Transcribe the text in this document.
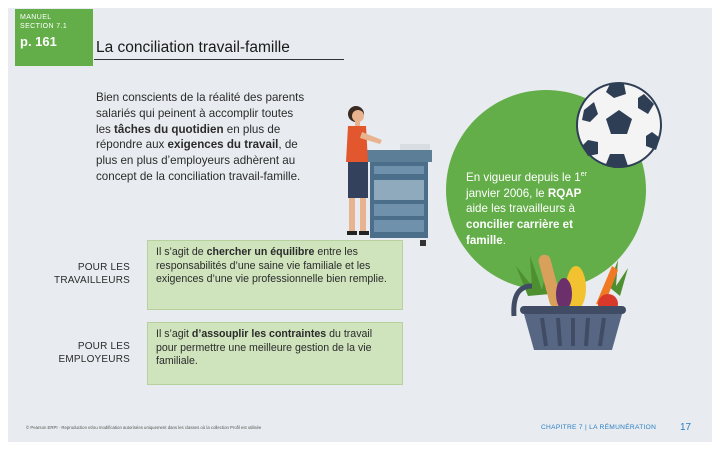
MANUEL
SECTION 7.1
p. 161	La conciliation travail-famille

Bien conscients de la réalité des parents salariés qui peinent à accomplir toutes les tâches du quotidien en plus de répondre aux exigences du travail, de plus en plus d’employeurs adhèrent au concept de la conciliation travail-famille.

POUR LES
TRAVAILLEURS
Il s’agit de chercher un équilibre entre les responsabilités d’une saine vie familiale et les exigences d’une vie professionnelle bien remplie.
POUR LES
EMPLOYEURS
Il s’agit d’assouplir les contraintes du travail pour permettre une meilleure gestion de la vie familiale.

En vigueur depuis le 1er janvier 2006, le RQAP aide les travailleurs à concilier carrière et famille.

© Pearson ERPI · Reproduction et/ou modification autorisées uniquement dans les classes où la collection Profil est utilisée	CHAPITRE 7 | LA RÉMUNÉRATION 17
